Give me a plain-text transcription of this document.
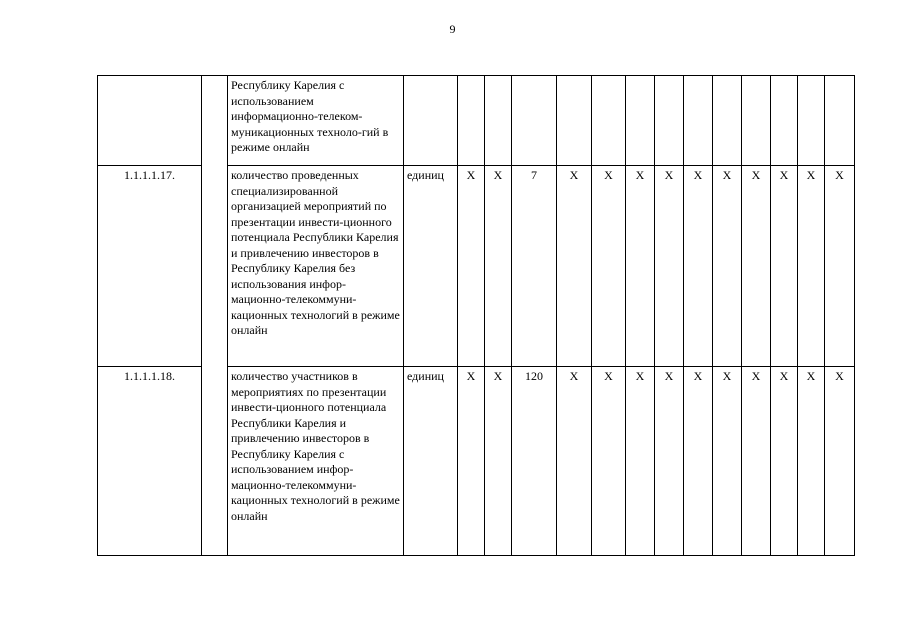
9
		Республику Карелия с использованием информационно-телеком-муникационных техноло-гий в режиме онлайн														
1.1.1.1.17.		количество проведенных специализированной организацией мероприятий по презентации инвести-ционного потенциала Республики Карелия и привлечению инвесторов в Республику Карелия без использования инфор-мационно-телекоммуни-кационных технологий в режиме онлайн	единиц	Х	Х	7	Х	Х	Х	Х	Х	Х	Х	Х	Х	Х
1.1.1.1.18.		количество участников в мероприятиях по презентации инвести-ционного потенциала Республики Карелия и привлечению инвесторов в Республику Карелия с использованием инфор-мационно-телекоммуни-кационных технологий в режиме онлайн	единиц	Х	Х	120	Х	Х	Х	Х	Х	Х	Х	Х	Х	Х
